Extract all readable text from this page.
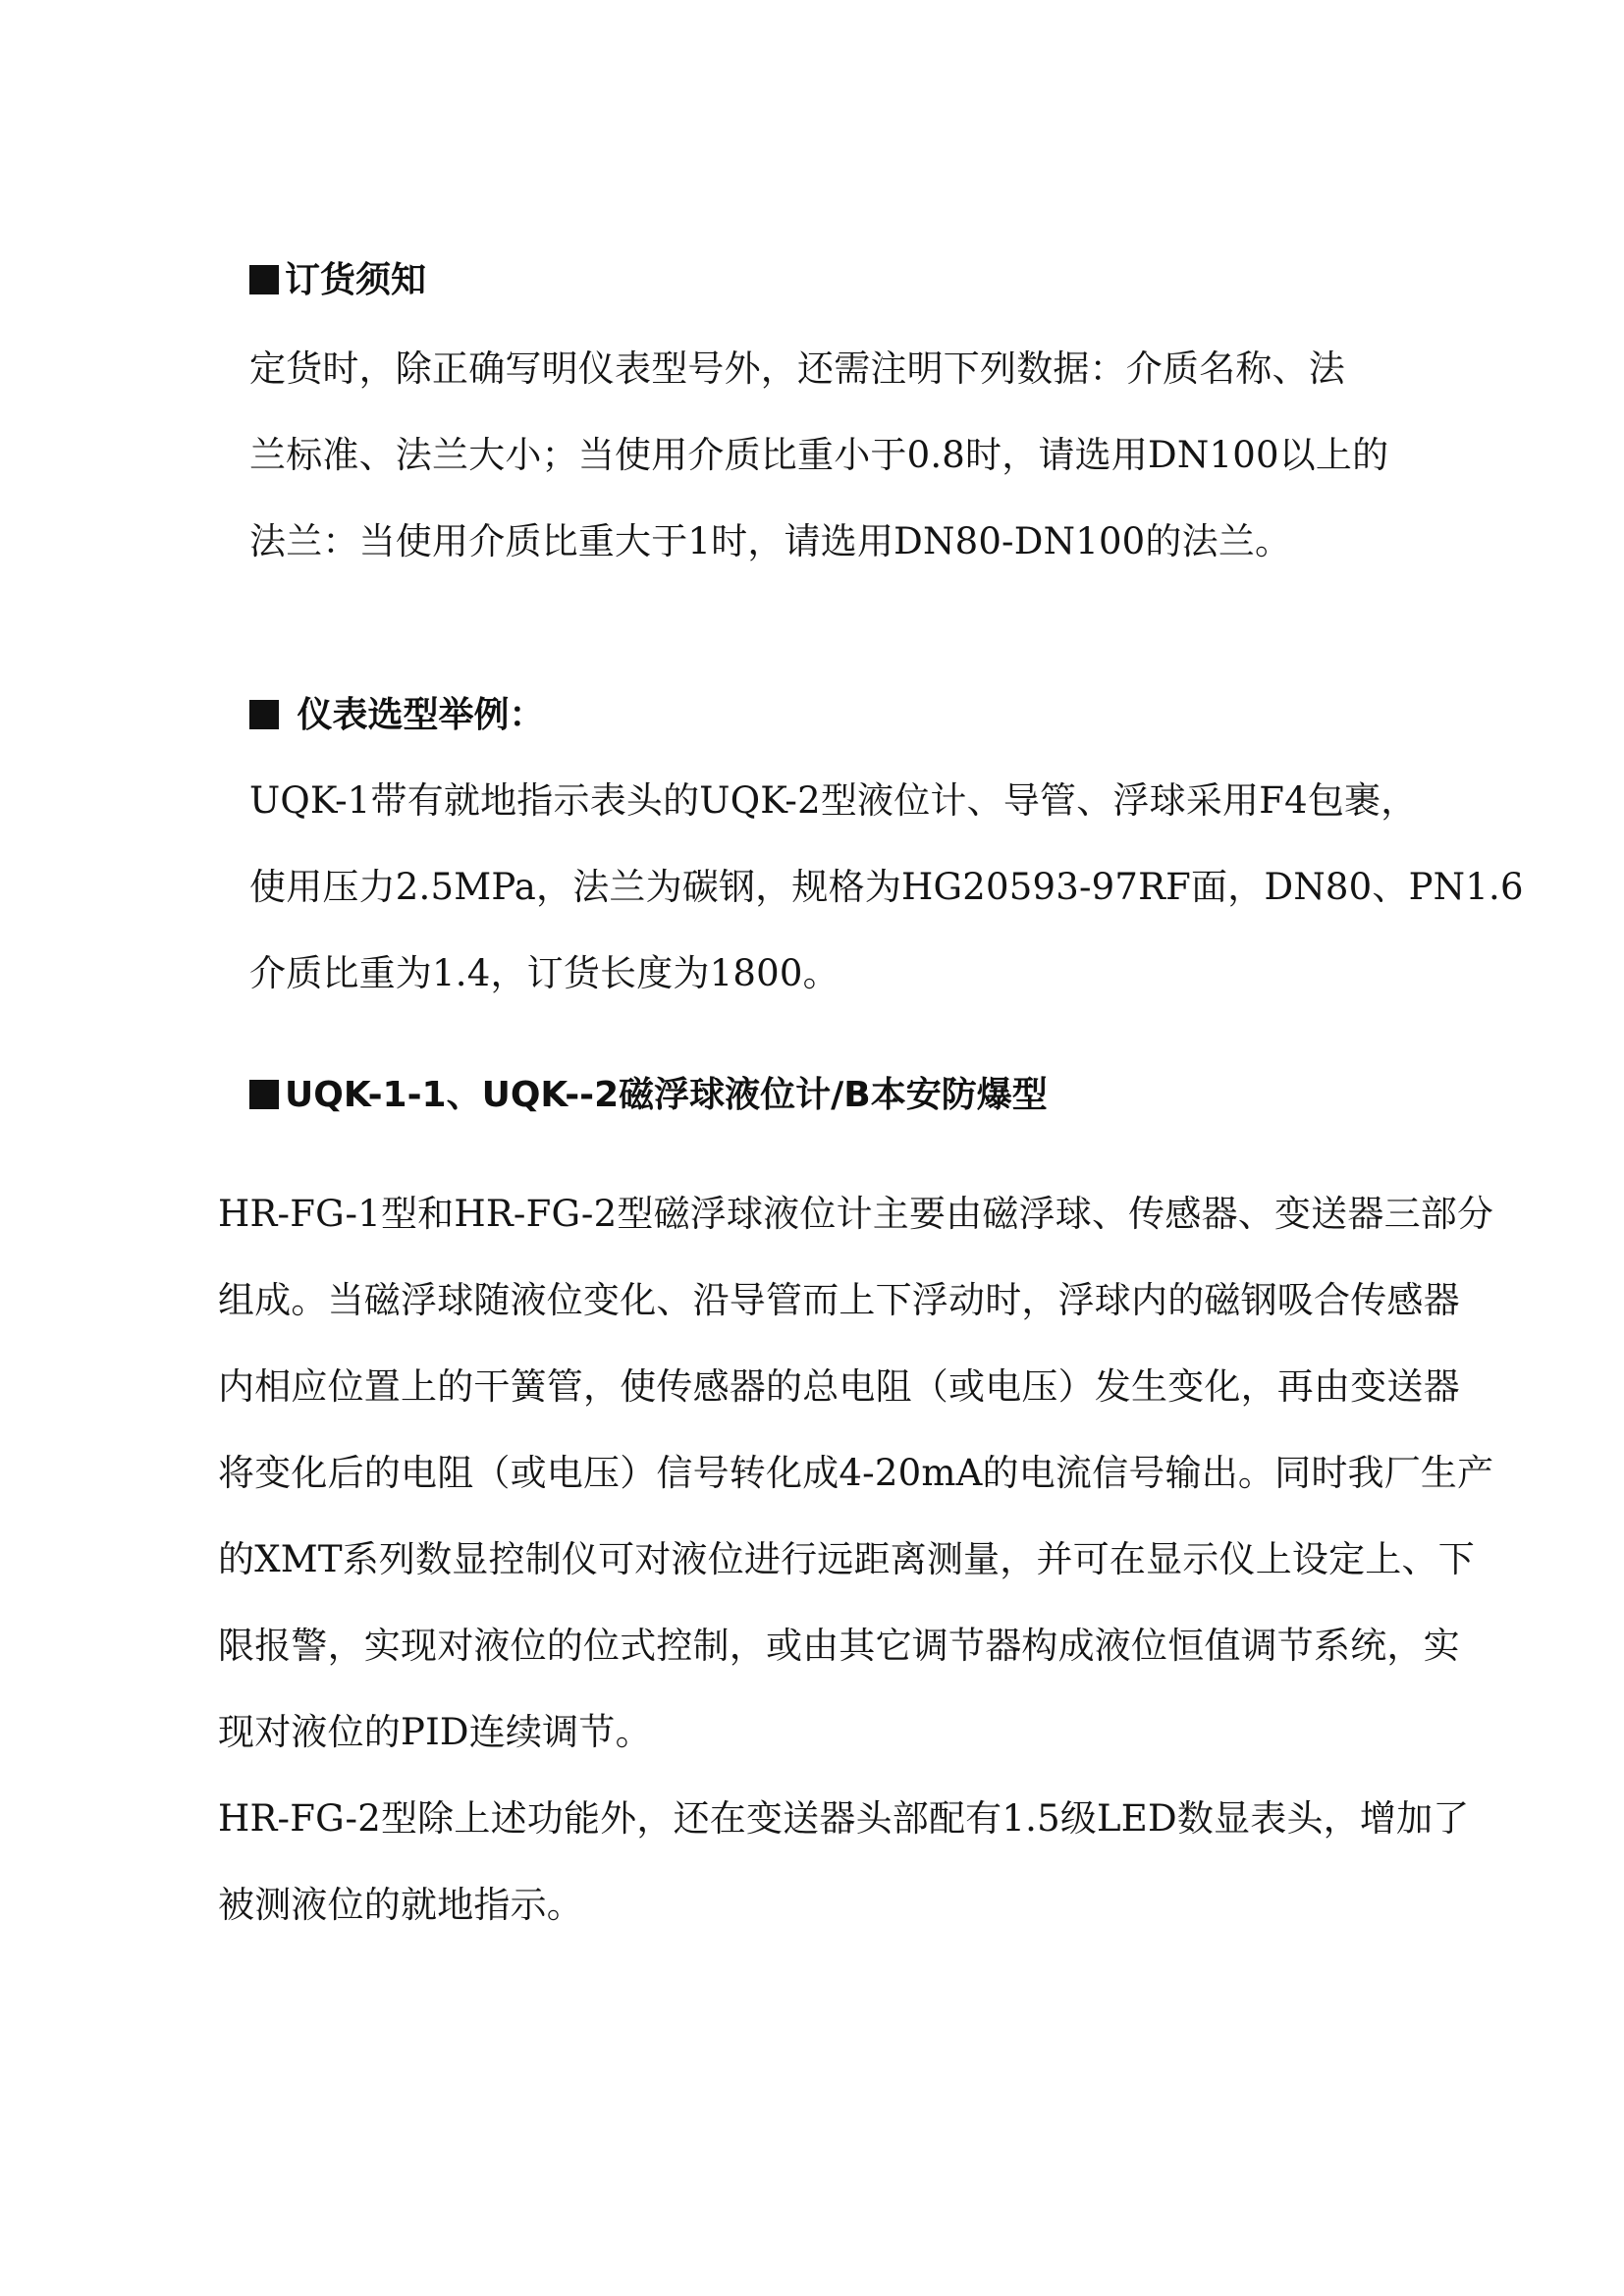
订货须知
定货时，除正确写明仪表型号外，还需注明下列数据：介质名称、法
兰标准、法兰大小；当使用介质比重小于0.8时，请选用DN100以上的
法兰：当使用介质比重大于1时，请选用DN80-DN100的法兰。
仪表选型举例：
UQK-1带有就地指示表头的UQK-2型液位计、导管、浮球采用F4包裹，
使用压力2.5MPa，法兰为碳钢，规格为HG20593-97RF面，DN80、PN1.6
介质比重为1.4，订货长度为1800。
UQK-1-1、UQK--2磁浮球液位计/B本安防爆型
HR-FG-1型和HR-FG-2型磁浮球液位计主要由磁浮球、传感器、变送器三部分
组成。当磁浮球随液位变化、沿导管而上下浮动时，浮球内的磁钢吸合传感器
内相应位置上的干簧管，使传感器的总电阻（或电压）发生变化，再由变送器
将变化后的电阻（或电压）信号转化成4-20mA的电流信号输出。同时我厂生产
的XMT系列数显控制仪可对液位进行远距离测量，并可在显示仪上设定上、下
限报警，实现对液位的位式控制，或由其它调节器构成液位恒值调节系统，实
现对液位的PID连续调节。
HR-FG-2型除上述功能外，还在变送器头部配有1.5级LED数显表头，增加了
被测液位的就地指示。
